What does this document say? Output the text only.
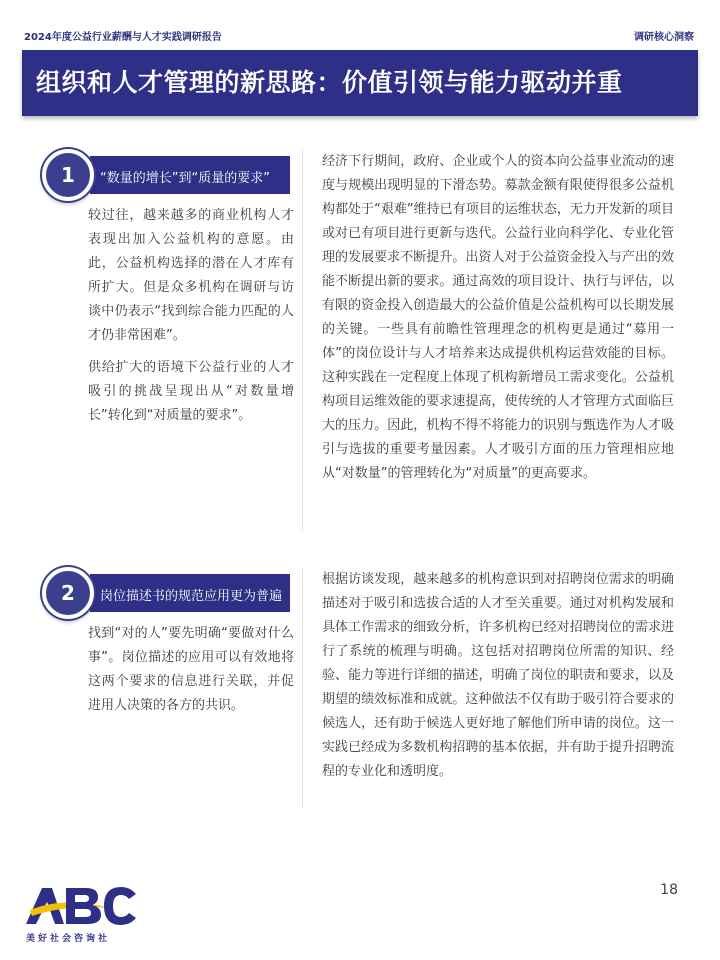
2024年度公益行业薪酬与人才实践调研报告	调研核心洞察
组织和人才管理的新思路：价值引领与能力驱动并重
“数量的增长”到“质量的要求”
1

较过往，越来越多的商业机构人才表现出加入公益机构的意愿。由此，公益机构选择的潜在人才库有所扩大。但是众多机构在调研与访谈中仍表示“找到综合能力匹配的人才仍非常困难”。

供给扩大的语境下公益行业的人才吸引的挑战呈现出从“对数量增长”转化到“对质量的要求”。

经济下行期间，政府、企业或个人的资本向公益事业流动的速度与规模出现明显的下滑态势。募款金额有限使得很多公益机构都处于“艰难”维持已有项目的运维状态，无力开发新的项目或对已有项目进行更新与迭代。公益行业向科学化、专业化管理的发展要求不断提升。出资人对于公益资金投入与产出的效能不断提出新的要求。通过高效的项目设计、执行与评估，以有限的资金投入创造最大的公益价值是公益机构可以长期发展的关键。一些具有前瞻性管理理念的机构更是通过“募用一体”的岗位设计与人才培养来达成提供机构运营效能的目标。这种实践在一定程度上体现了机构新增员工需求变化。公益机构项目运维效能的要求速提高，使传统的人才管理方式面临巨大的压力。因此，机构不得不将能力的识别与甄选作为人才吸引与选拔的重要考量因素。人才吸引方面的压力管理相应地从“对数量”的管理转化为“对质量”的更高要求。

岗位描述书的规范应用更为普遍
2

找到“对的人”要先明确“要做对什么事”。岗位描述的应用可以有效地将这两个要求的信息进行关联，并促进用人决策的各方的共识。

根据访谈发现，越来越多的机构意识到对招聘岗位需求的明确描述对于吸引和选拔合适的人才至关重要。通过对机构发展和具体工作需求的细致分析，许多机构已经对招聘岗位的需求进行了系统的梳理与明确。这包括对招聘岗位所需的知识、经验、能力等进行详细的描述，明确了岗位的职责和要求，以及期望的绩效标准和成就。这种做法不仅有助于吸引符合要求的候选人，还有助于候选人更好地了解他们所申请的岗位。这一实践已经成为多数机构招聘的基本依据，并有助于提升招聘流程的专业化和透明度。

18
美好社会咨询社
